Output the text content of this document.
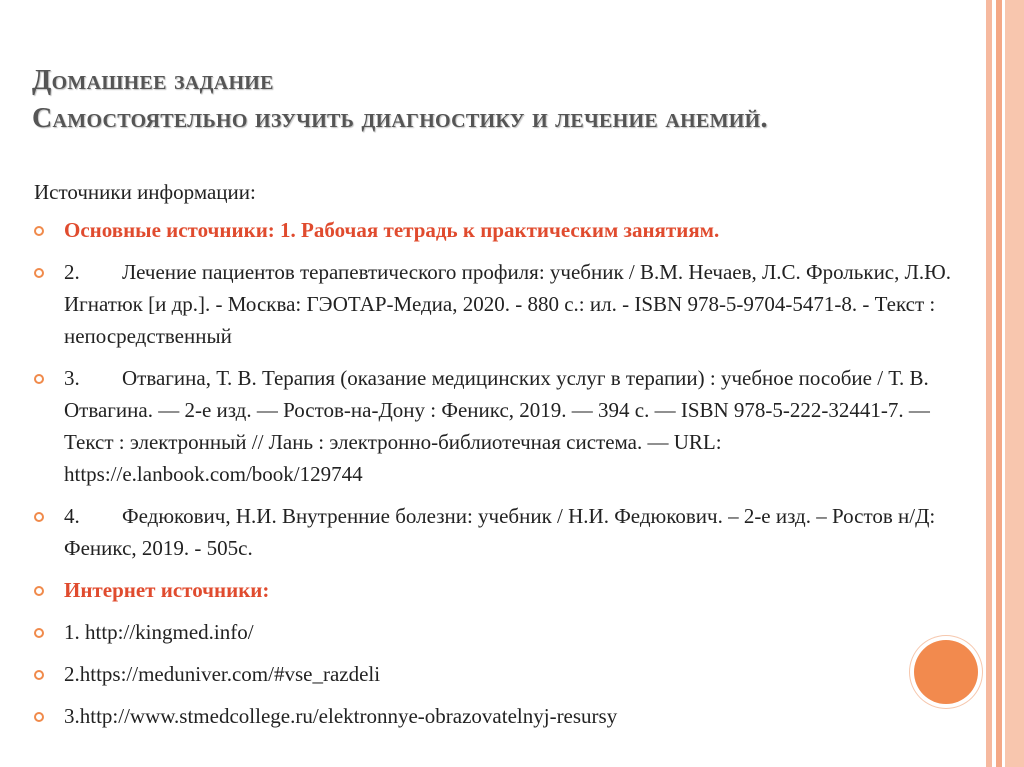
Домашнее задание
Самостоятельно изучить диагностику и лечение анемий.
Источники информации:
Основные источники: 1. Рабочая тетрадь к практическим занятиям.
2. Лечение пациентов терапевтического профиля: учебник / В.М. Нечаев, Л.С. Фролькис, Л.Ю. Игнатюк [и др.]. - Москва: ГЭОТАР-Медиа, 2020. - 880 с.: ил. - ISBN 978-5-9704-5471-8. - Текст : непосредственный
3. Отвагина, Т. В. Терапия (оказание медицинских услуг в терапии) : учебное пособие / Т. В. Отвагина. — 2-е изд. — Ростов-на-Дону : Феникс, 2019. — 394 с. — ISBN 978-5-222-32441-7. — Текст : электронный // Лань : электронно-библиотечная система. — URL: https://e.lanbook.com/book/129744
4. Федюкович, Н.И. Внутренние болезни: учебник / Н.И. Федюкович. – 2-е изд. – Ростов н/Д: Феникс, 2019. - 505с.
Интернет источники:
1. http://kingmed.info/
2.https://meduniver.com/#vse_razdeli
3.http://www.stmedcollege.ru/elektronnye-obrazovatelnyj-resursy
